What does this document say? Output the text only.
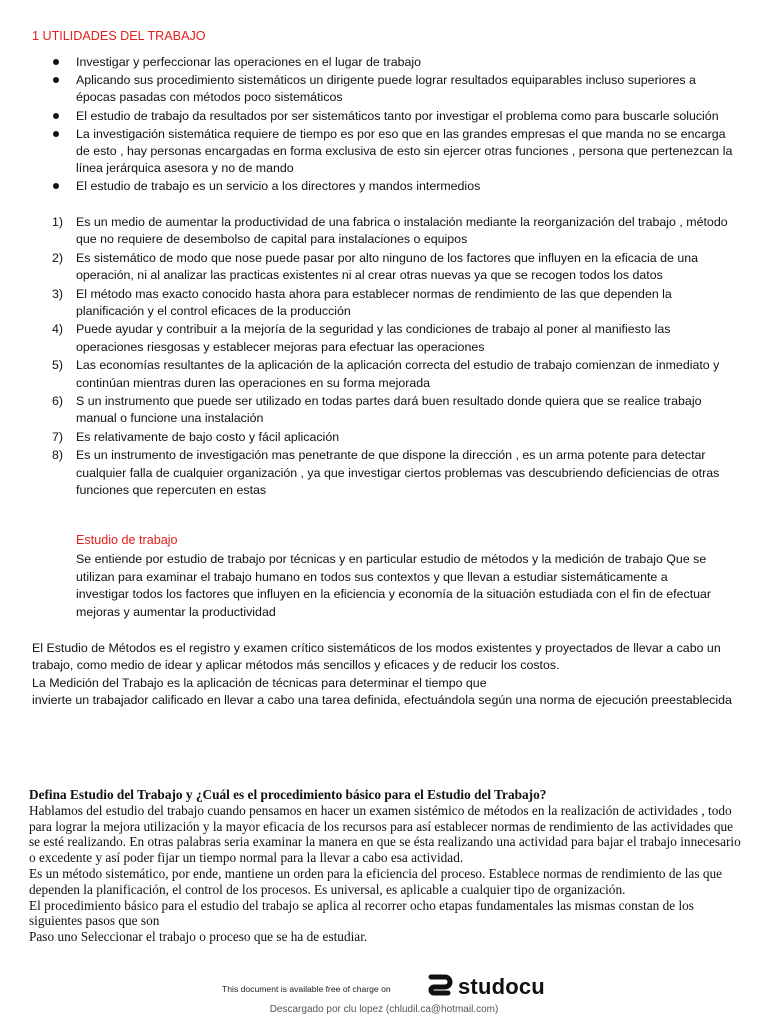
1 UTILIDADES DEL TRABAJO
Investigar y perfeccionar las operaciones en el lugar de trabajo
Aplicando sus procedimiento sistemáticos un dirigente puede lograr resultados equiparables incluso superiores a épocas pasadas con métodos poco sistemáticos
El estudio de trabajo da resultados por ser sistemáticos tanto por investigar el problema como para buscarle solución
La investigación sistemática requiere de tiempo es por eso que en las grandes empresas el que manda no se encarga de esto , hay personas encargadas en forma exclusiva de esto sin ejercer otras funciones , persona que pertenezcan la línea jerárquica asesora y no de mando
El estudio de trabajo es un servicio a los directores y mandos intermedios
1) Es un medio de aumentar la productividad de una fabrica o instalación mediante la reorganización del trabajo , método que no requiere de desembolso de capital para instalaciones o equipos
2) Es sistemático de modo que nose puede pasar por alto ninguno de los factores que influyen en la eficacia de una operación, ni al analizar las practicas existentes ni al crear otras nuevas ya que se recogen todos los datos
3) El método mas exacto conocido hasta ahora para establecer normas de rendimiento de las que dependen la planificación y el control eficaces de la producción
4) Puede ayudar y contribuir a la mejoría de la seguridad y las condiciones de trabajo al poner al manifiesto las operaciones riesgosas y establecer mejoras para efectuar las operaciones
5) Las economías resultantes de la aplicación de la aplicación correcta del estudio de trabajo comienzan de inmediato y continúan mientras duren las operaciones en su forma mejorada
6) S un instrumento que puede ser utilizado en todas partes dará buen resultado donde quiera que se realice trabajo manual o funcione una instalación
7) Es relativamente de bajo costo y fácil aplicación
8) Es un instrumento de investigación mas penetrante de que dispone la dirección , es un arma potente para detectar cualquier falla de cualquier organización , ya que investigar ciertos problemas vas descubriendo deficiencias de otras funciones que repercuten en estas
Estudio de trabajo

Se entiende por estudio de trabajo por técnicas y en particular estudio de métodos y la medición de trabajo Que se utilizan para examinar el trabajo humano en todos sus contextos y que llevan a estudiar sistemáticamente a investigar todos los factores que influyen en la eficiencia y economía de la situación estudiada con el fin de efectuar mejoras y aumentar la productividad

El Estudio de Métodos es el registro y examen crítico sistemáticos de los modos existentes y proyectados de llevar a cabo un trabajo, como medio de idear y aplicar métodos más sencillos y eficaces y de reducir los costos.
La Medición del Trabajo es la aplicación de técnicas para determinar el tiempo que
invierte un trabajador calificado en llevar a cabo una tarea definida, efectuándola según una norma de ejecución preestablecida

Defina Estudio del Trabajo y ¿Cuál es el procedimiento básico para el Estudio del Trabajo?

Hablamos del estudio del trabajo cuando pensamos en hacer un examen sistémico de métodos en la realización de actividades , todo para lograr la mejora utilización y la mayor eficacia de los recursos para así establecer normas de rendimiento de las actividades que se esté realizando. En otras palabras seria examinar la manera en que se ésta realizando una actividad para bajar el trabajo innecesario o excedente y así poder fijar un tiempo normal para la llevar a cabo esa actividad.

Es un método sistemático, por ende, mantiene un orden para la eficiencia del proceso. Establece normas de rendimiento de las que dependen la planificación, el control de los procesos. Es universal, es aplicable a cualquier tipo de organización.

El procedimiento básico para el estudio del trabajo se aplica al recorrer ocho etapas fundamentales las mismas constan de los siguientes pasos que son

Paso uno Seleccionar el trabajo o proceso que se ha de estudiar.

This document is available free of charge on	studocu
Descargado por clu lopez (chludil.ca@hotmail.com)
